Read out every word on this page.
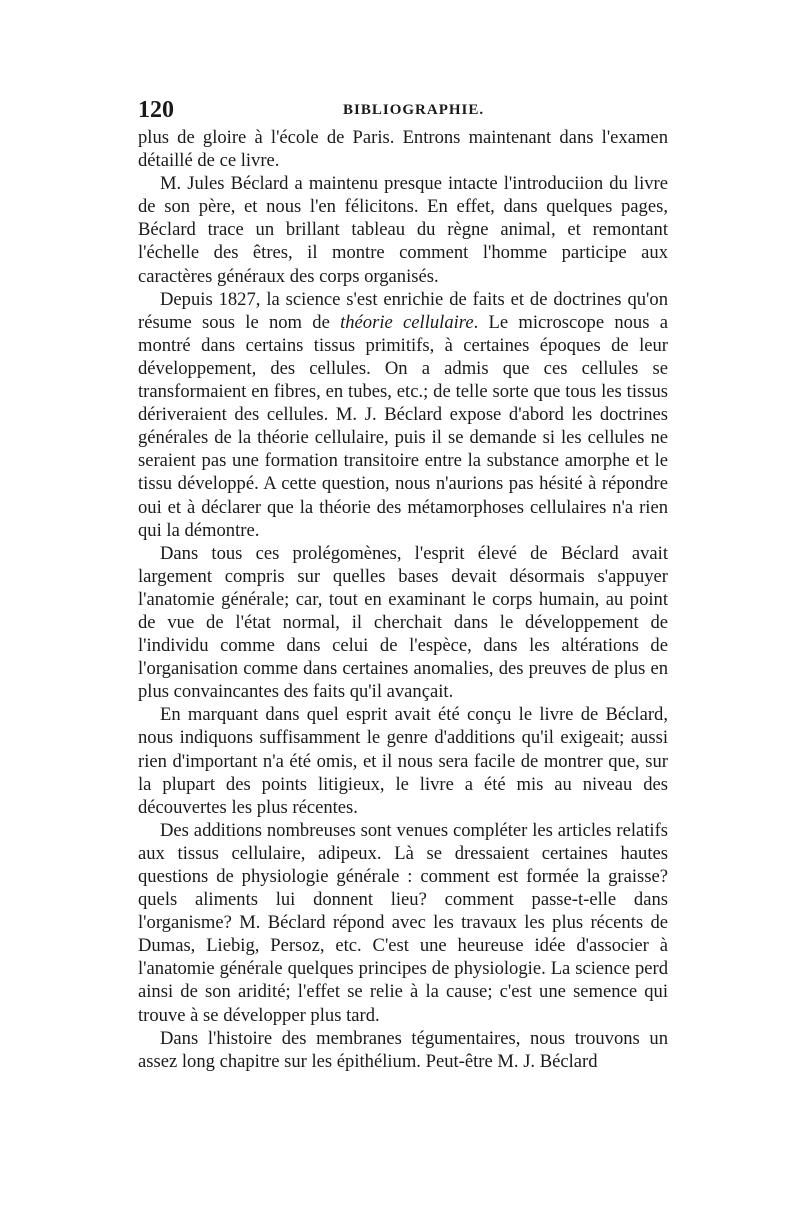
120	BIBLIOGRAPHIE.

plus de gloire à l'école de Paris. Entrons maintenant dans l'examen détaillé de ce livre.

M. Jules Béclard a maintenu presque intacte l'introduciion du livre de son père, et nous l'en félicitons. En effet, dans quelques pages, Béclard trace un brillant tableau du règne animal, et remontant l'échelle des êtres, il montre comment l'homme participe aux caractères généraux des corps organisés.

Depuis 1827, la science s'est enrichie de faits et de doctrines qu'on résume sous le nom de théorie cellulaire. Le microscope nous a montré dans certains tissus primitifs, à certaines époques de leur développement, des cellules. On a admis que ces cellules se transformaient en fibres, en tubes, etc.; de telle sorte que tous les tissus dériveraient des cellules. M. J. Béclard expose d'abord les doctrines générales de la théorie cellulaire, puis il se demande si les cellules ne seraient pas une formation transitoire entre la substance amorphe et le tissu développé. A cette question, nous n'aurions pas hésité à répondre oui et à déclarer que la théorie des métamorphoses cellulaires n'a rien qui la démontre.

Dans tous ces prolégomènes, l'esprit élevé de Béclard avait largement compris sur quelles bases devait désormais s'appuyer l'anatomie générale; car, tout en examinant le corps humain, au point de vue de l'état normal, il cherchait dans le développement de l'individu comme dans celui de l'espèce, dans les altérations de l'organisation comme dans certaines anomalies, des preuves de plus en plus convaincantes des faits qu'il avançait.

En marquant dans quel esprit avait été conçu le livre de Béclard, nous indiquons suffisamment le genre d'additions qu'il exigeait; aussi rien d'important n'a été omis, et il nous sera facile de montrer que, sur la plupart des points litigieux, le livre a été mis au niveau des découvertes les plus récentes.

Des additions nombreuses sont venues compléter les articles relatifs aux tissus cellulaire, adipeux. Là se dressaient certaines hautes questions de physiologie générale : comment est formée la graisse? quels aliments lui donnent lieu? comment passe-t-elle dans l'organisme? M. Béclard répond avec les travaux les plus récents de Dumas, Liebig, Persoz, etc. C'est une heureuse idée d'associer à l'anatomie générale quelques principes de physiologie. La science perd ainsi de son aridité; l'effet se relie à la cause; c'est une semence qui trouve à se développer plus tard.

Dans l'histoire des membranes tégumentaires, nous trouvons un assez long chapitre sur les épithélium. Peut-être M. J. Béclard
